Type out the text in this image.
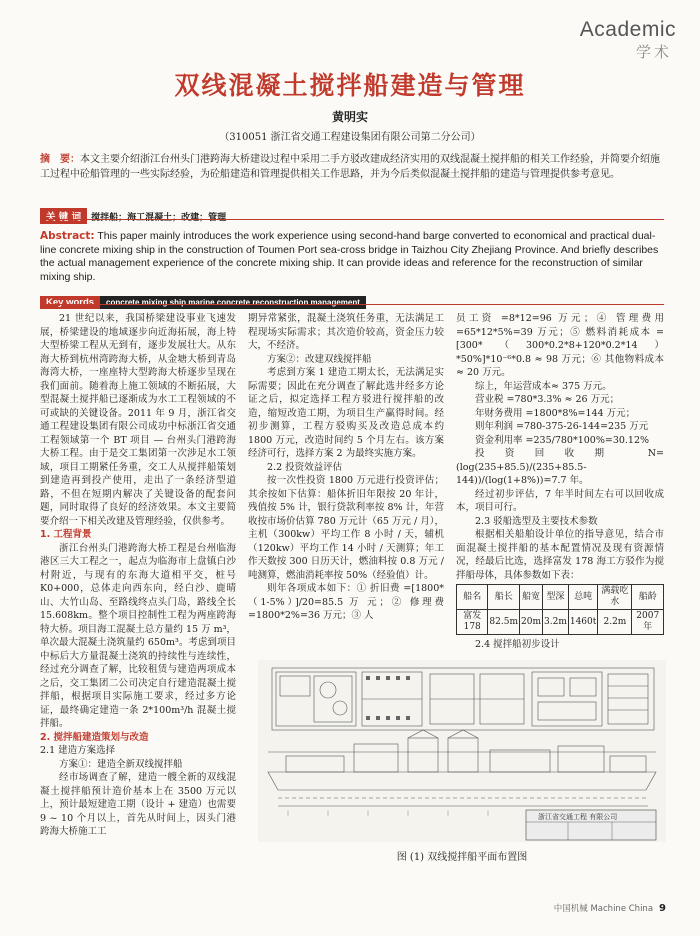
Academic
学术
双线混凝土搅拌船建造与管理
黄明实
（310051 浙江省交通工程建设集团有限公司第二分公司）
摘　要：本文主要介绍浙江台州头门港跨海大桥建设过程中采用二手方驳改建成经济实用的双线混凝土搅拌船的相关工作经验，并简要介绍施工过程中砼船管理的一些实际经验，为砼船建造和管理提供相关工作思路，并为今后类似混凝土搅拌船的建造与管理提供参考意见。
关 键 词 搅拌船；海工混凝土；改建；管理
Abstract: This paper mainly introduces the work experience using second-hand barge converted to economical and practical dual-line concrete mixing ship in the construction of Toumen Port sea-cross bridge in Taizhou City Zhejiang Province. And briefly describes the actual management experience of the concrete mixing ship. It can provide ideas and reference for the reconstruction of similar mixing ship.
Key words concrete mixing ship marine concrete reconstruction management

21 世纪以来，我国桥梁建设事业飞速发展，桥梁建设的地域逐步向近海拓展，海上特大型桥梁工程从无到有，逐步发展壮大。从东海大桥到杭州湾跨海大桥，从金塘大桥到青岛海湾大桥，一座座特大型跨海大桥逐步呈现在我们面前。随着海上施工领域的不断拓展，大型混凝土搅拌船已逐渐成为水工工程领域的不可或缺的关键设备。2011 年 9 月，浙江省交通工程建设集团有限公司成功中标浙江省交通工程领域第一个 BT 项目 — 台州头门港跨海大桥工程。由于是交工集团第一次涉足水工领域，项目工期紧任务重，交工人从搅拌船策划到建造再到投产使用，走出了一条经济型道路，不但在短期内解决了关键设备的配套问题，同时取得了良好的经济效果。本文主要简要介绍一下相关改建及管理经验，仅供参考。

1. 工程背景

浙江台州头门港跨海大桥工程是台州临海港区三大工程之一，起点为临海市上盘镇白沙村附近，与现有的东海大道相平交，桩号 K0+000，总体走向西东向，经白沙、鹿晴山、大竹山岛、至路线终点头门岛，路线全长 15.608km。整个项目控制性工程为两座跨海特大桥。项目海工混凝土总方量约 15 万 m³，单次最大混凝土浇筑量约 650m³。考虑到项目中标后大方量混凝土浇筑的持续性与连续性，经过充分调查了解，比较租赁与建造两项成本之后，交工集团二公司决定自行建造混凝土搅拌船，根据项目实际施工要求，经过多方论证，最终确定建造一条 2*100m³/h 混凝土搅拌船。

2. 搅拌船建造策划与改造

2.1 建造方案选择

方案①：建造全新双线搅拌船

经市场调查了解，建造一艘全新的双线混凝土搅拌船预计造价基本上在 3500 万元以上，预计最短建造工期（设计 + 建造）也需要 9 ~ 10 个月以上，首先从时间上，因头门港跨海大桥施工工

期异常紧张，混凝土浇筑任务重，无法满足工程现场实际需求；其次造价较高，资金压力较大，不经济。

方案②：改建双线搅拌船

考虑到方案 1 建造工期太长，无法满足实际需要；因此在充分调查了解此选井经多方论证之后，拟定选择工程方驳进行搅拌船的改造，缩短改造工期，为项目生产赢得时间。经初步测算，工程方驳购买及改造总成本约 1800 万元，改造时间约 5 个月左右。该方案经济可行，选择方案 2 为最终实施方案。

2.2 投资效益评估

按一次性投资 1800 万元进行投资评估；其余按如下估算：船体折旧年限按 20 年计，残值按 5% 计，银行贷款利率按 8% 计，年营收按市场价估算 780 万元计（65 万元 / 月），主机（300kw）平均工作 8 小时 / 天，辅机（120kw）平均工作 14 小时 / 天测算；年工作天数按 300 日历天计，燃油料按 0.8 万元 / 吨测算，燃油消耗率按 50%（经验值）计。

则年各项成本如下：① 折旧费 =[1800*（1-5%）]/20=85.5 万 元；② 修理费 =1800*2%=36 万元；③ 人

员工资 =8*12=96 万元；④ 管理费用 =65*12*5%=39 万元；⑤ 燃料消耗成本 =[300*（300*0.2*8+120*0.2*14）*50%]*10⁻⁶*0.8 ≈ 98 万元；⑥ 其他物料成本≈ 20 万元。

综上，年运营成本≈ 375 万元。

营业税 =780*3.3% ≈ 26 万元；

年财务费用 =1800*8%=144 万元；

则年利润 =780-375-26-144=235 万元

资金利用率 =235/780*100%=30.12%

投资回收期 N=(log(235+85.5)/(235+85.5-144))/(log(1+8%))=7.7 年。

经过初步评估，7 年半时间左右可以回收成本，项目可行。

2.3 驳船选型及主要技术参数

根据相关船舶设计单位的指导意见，结合市面混凝土搅拌船的基本配置情况及现有资源情况，经最后比选，选择富发 178 海工方驳作为搅拌船母体，具体参数如下表：

船名	船长	船宽	型深	总吨	满载吃水	船龄
富发178	82.5m	20m	3.2m	1460t	2.2m	2007年

2.4 搅拌船初步设计

浙江省交通工程 有限公司
图 (1) 双线搅拌船平面布置图
中国机械 Machine China 9
